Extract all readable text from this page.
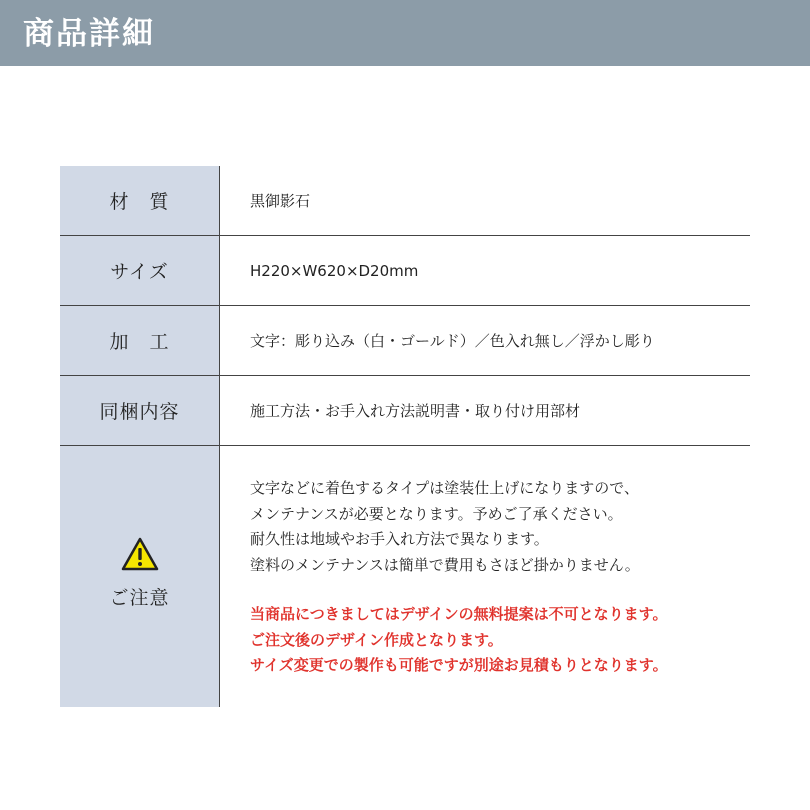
商品詳細
材　質	黒御影石
サイズ	H220×W620×D20mm
加　工	文字：彫り込み（白・ゴールド）／色入れ無し／浮かし彫り
同梱内容	施工方法・お手入れ方法説明書・取り付け用部材
ご注意
文字などに着色するタイプは塗装仕上げになりますので、
メンテナンスが必要となります。予めご了承ください。
耐久性は地域やお手入れ方法で異なります。
塗料のメンテナンスは簡単で費用もさほど掛かりません。
当商品につきましてはデザインの無料提案は不可となります。
ご注文後のデザイン作成となります。
サイズ変更での製作も可能ですが別途お見積もりとなります。
